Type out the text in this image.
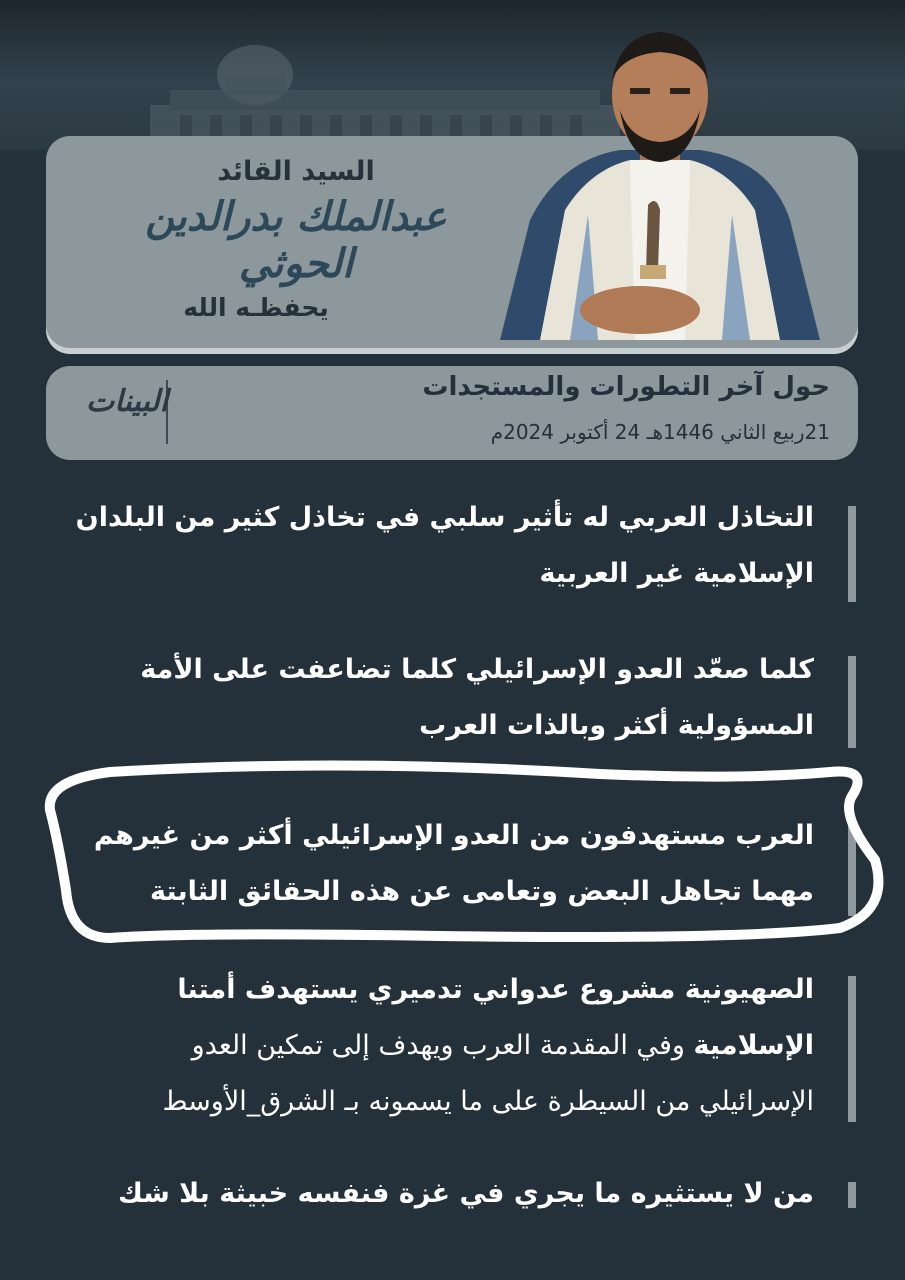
السيد القائد
عبدالملك بدرالدين الحوثي
يحفظـه الله
حول آخر التطورات والمستجدات
21ربيع الثاني 1446هـ 24 أكتوبر 2024م
البينات
التخاذل العربي له تأثير سلبي في تخاذل كثير من البلدان
الإسلامية غير العربية
كلما صعّد العدو الإسرائيلي كلما تضاعفت على الأمة
المسؤولية أكثر وبالذات العرب
العرب مستهدفون من العدو الإسرائيلي أكثر من غيرهم
مهما تجاهل البعض وتعامى عن هذه الحقائق الثابتة
الصهيونية مشروع عدواني تدميري يستهدف أمتنا
الإسلامية وفي المقدمة العرب ويهدف إلى تمكين العدو
الإسرائيلي من السيطرة على ما يسمونه بـ الشرق_الأوسط
من لا يستثيره ما يجري في غزة فنفسه خبيثة بلا شك
